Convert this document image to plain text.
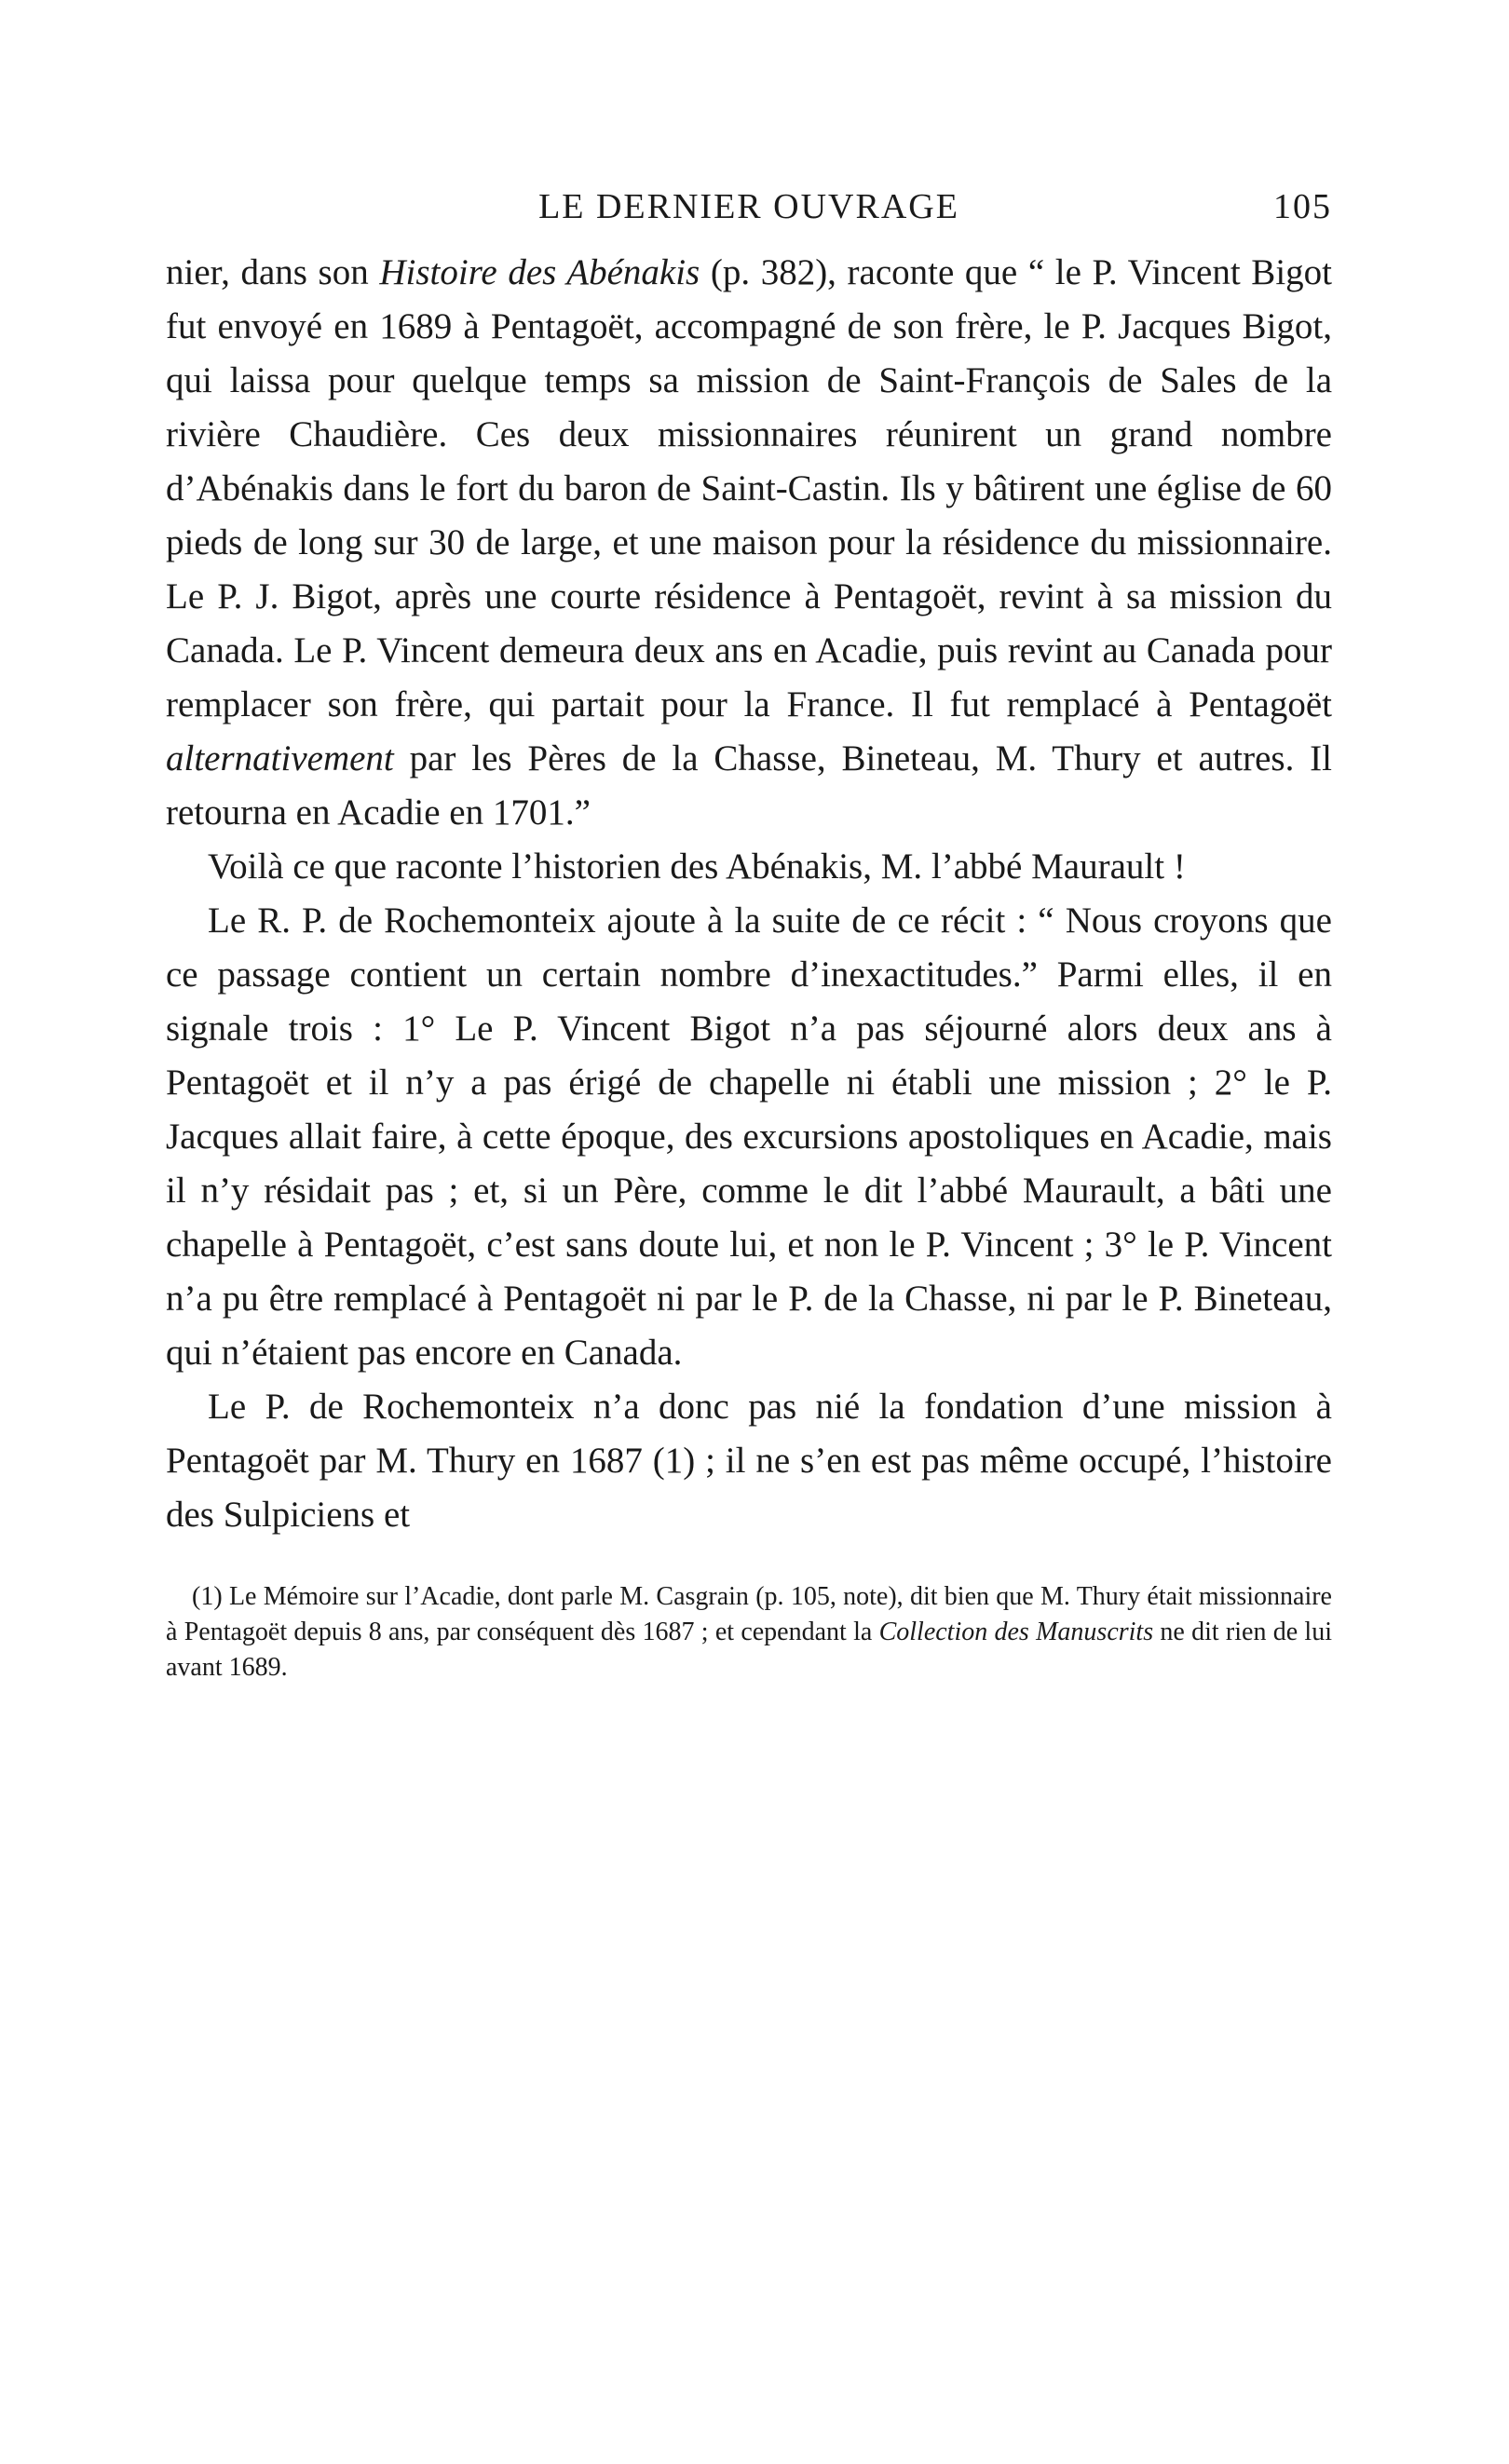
LE DERNIER OUVRAGE	105

nier, dans son Histoire des Abénakis (p. 382), raconte que “ le P. Vincent Bigot fut envoyé en 1689 à Pentagoët, accompagné de son frère, le P. Jacques Bigot, qui laissa pour quelque temps sa mission de Saint-François de Sales de la rivière Chaudière. Ces deux missionnaires réunirent un grand nombre d’Abénakis dans le fort du baron de Saint-Castin. Ils y bâtirent une église de 60 pieds de long sur 30 de large, et une maison pour la résidence du missionnaire. Le P. J. Bigot, après une courte résidence à Pentagoët, revint à sa mission du Canada. Le P. Vincent demeura deux ans en Acadie, puis revint au Canada pour remplacer son frère, qui partait pour la France. Il fut remplacé à Pentagoët alternativement par les Pères de la Chasse, Bineteau, M. Thury et autres. Il retourna en Acadie en 1701.”

Voilà ce que raconte l’historien des Abénakis, M. l’abbé Maurault !

Le R. P. de Rochemonteix ajoute à la suite de ce récit : “ Nous croyons que ce passage contient un certain nombre d’inexactitudes.” Parmi elles, il en signale trois : 1° Le P. Vincent Bigot n’a pas séjourné alors deux ans à Pentagoët et il n’y a pas érigé de chapelle ni établi une mission ; 2° le P. Jacques allait faire, à cette époque, des excursions apostoliques en Acadie, mais il n’y résidait pas ; et, si un Père, comme le dit l’abbé Maurault, a bâti une chapelle à Pentagoët, c’est sans doute lui, et non le P. Vincent ; 3° le P. Vincent n’a pu être remplacé à Pentagoët ni par le P. de la Chasse, ni par le P. Bineteau, qui n’étaient pas encore en Canada.

Le P. de Rochemonteix n’a donc pas nié la fondation d’une mission à Pentagoët par M. Thury en 1687 (1) ; il ne s’en est pas même occupé, l’histoire des Sulpiciens et

(1) Le Mémoire sur l’Acadie, dont parle M. Casgrain (p. 105, note), dit bien que M. Thury était missionnaire à Pentagoët depuis 8 ans, par conséquent dès 1687 ; et cependant la Collection des Manuscrits ne dit rien de lui avant 1689.
